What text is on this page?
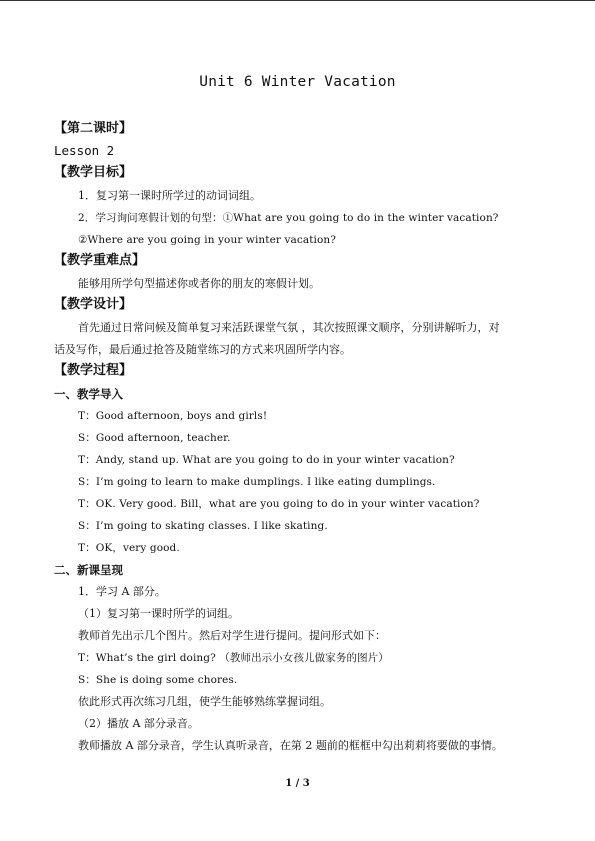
Unit 6 Winter Vacation
【第二课时】
Lesson 2
【教学目标】
1．复习第一课时所学过的动词词组。
2．学习询问寒假计划的句型：①What are you going to do in the winter vacation?
②Where are you going in your winter vacation?
【教学重难点】
能够用所学句型描述你或者你的朋友的寒假计划。
【教学设计】
首先通过日常问候及简单复习来活跃课堂气氛 ，其次按照课文顺序，分别讲解听力，对
话及写作，最后通过抢答及随堂练习的方式来巩固所学内容。
【教学过程】
一、教学导入
T：Good afternoon, boys and girls!
S：Good afternoon, teacher.
T：Andy, stand up. What are you going to do in your winter vacation?
S：I’m going to learn to make dumplings. I like eating dumplings.
T：OK. Very good. Bill，what are you going to do in your winter vacation?
S：I’m going to skating classes. I like skating.
T：OK，very good.
二、新课呈现
1．学习 A 部分。
（1）复习第一课时所学的词组。
教师首先出示几个图片。然后对学生进行提问。提问形式如下：
T：What’s the girl doing? （教师出示小女孩儿做家务的图片）
S：She is doing some chores.
依此形式再次练习几组，使学生能够熟练掌握词组。
（2）播放 A 部分录音。
教师播放 A 部分录音，学生认真听录音，在第 2 题前的框框中勾出莉莉将要做的事情。
1 / 3
